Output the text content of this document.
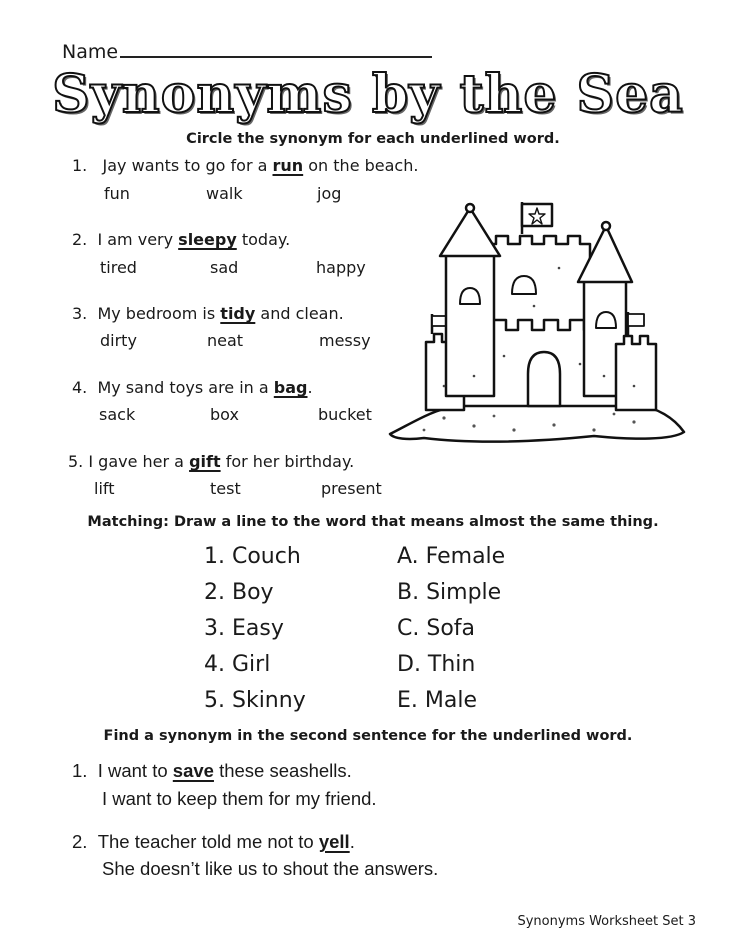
Name
Synonyms by the Sea
Circle the synonym for each underlined word.
1. Jay wants to go for a run on the beach.
fun	walk	jog
2. I am very sleepy today.
tired	sad	happy
3. My bedroom is tidy and clean.
dirty	neat	messy
4. My sand toys are in a bag.
sack	box	bucket
5. I gave her a gift for her birthday.
lift	test	present
Matching: Draw a line to the word that means almost the same thing.
1. Couch
2. Boy
3. Easy
4. Girl
5. Skinny
A. Female
B. Simple
C. Sofa
D. Thin
E. Male
Find a synonym in the second sentence for the underlined word.
1. I want to save these seashells.
I want to keep them for my friend.
2. The teacher told me not to yell.
She doesn’t like us to shout the answers.
Synonyms Worksheet Set 3
